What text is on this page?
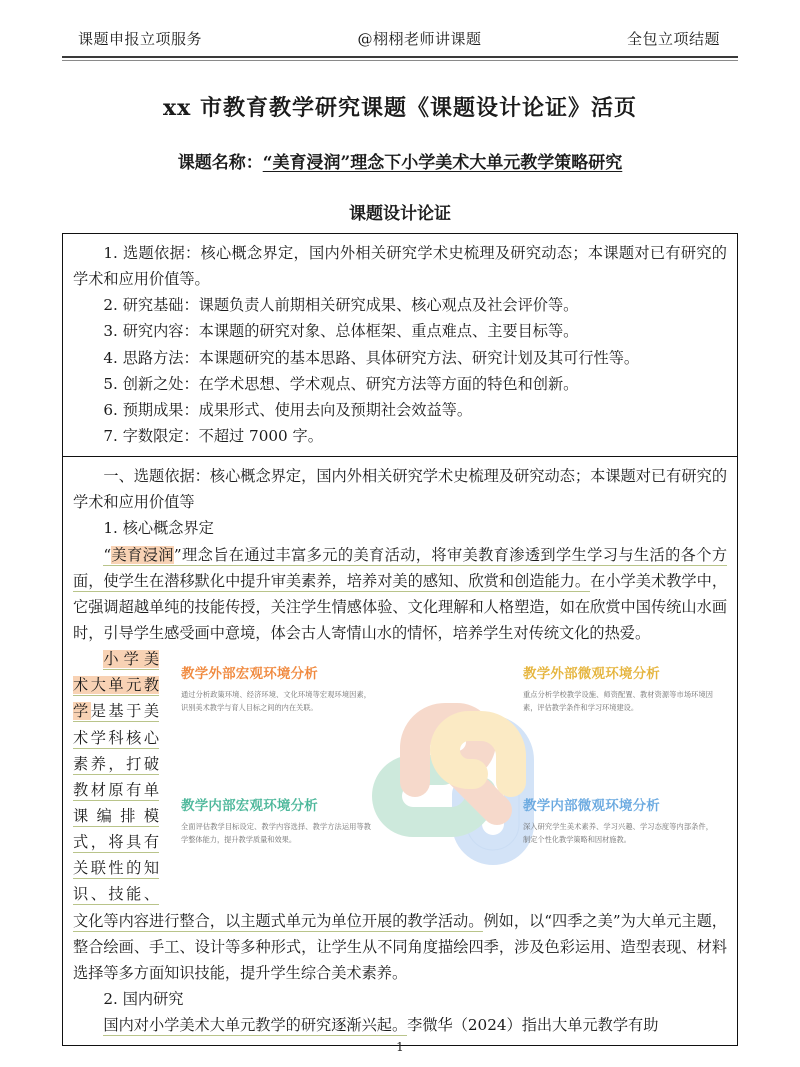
课题申报立项服务	@栩栩老师讲课题	全包立项结题
xx 市教育教学研究课题《课题设计论证》活页
课题名称：“美育浸润”理念下小学美术大单元教学策略研究
课题设计论证

1. 选题依据：核心概念界定，国内外相关研究学术史梳理及研究动态；本课题对已有研究的学术和应用价值等。

2. 研究基础：课题负责人前期相关研究成果、核心观点及社会评价等。

3. 研究内容：本课题的研究对象、总体框架、重点难点、主要目标等。

4. 思路方法：本课题研究的基本思路、具体研究方法、研究计划及其可行性等。

5. 创新之处：在学术思想、学术观点、研究方法等方面的特色和创新。

6. 预期成果：成果形式、使用去向及预期社会效益等。

7. 字数限定：不超过 7000 字。

一、选题依据：核心概念界定，国内外相关研究学术史梳理及研究动态；本课题对已有研究的学术和应用价值等

1. 核心概念界定

“美育浸润”理念旨在通过丰富多元的美育活动，将审美教育渗透到学生学习与生活的各个方面，使学生在潜移默化中提升审美素养，培养对美的感知、欣赏和创造能力。在小学美术教学中，它强调超越单纯的技能传授，关注学生情感体验、文化理解和人格塑造，如在欣赏中国传统山水画时，引导学生感受画中意境，体会古人寄情山水的情怀，培养学生对传统文化的热爱。

教学外部宏观环境分析
通过分析政策环境、经济环境、文化环境等宏观环境因素，识别美术教学与育人目标之间的内在关联。
教学外部微观环境分析
重点分析学校教学设施、师资配置、教材资源等市场环境因素，评估教学条件和学习环境建设。
教学内部宏观环境分析
全面评估教学目标设定、教学内容选择、教学方法运用等教学整体能力，提升教学质量和效果。
教学内部微观环境分析
深入研究学生美术素养、学习兴趣、学习态度等内部条件，制定个性化教学策略和因材施教。

小学美术大单元教学是基于美术学科核心素养，打破教材原有单课编排模式，将具有关联性的知识、技能、文化等内容进行整合，以主题式单元为单位开展的教学活动。例如，以“四季之美”为大单元主题，整合绘画、手工、设计等多种形式，让学生从不同角度描绘四季，涉及色彩运用、造型表现、材料选择等多方面知识技能，提升学生综合美术素养。

2. 国内研究

国内对小学美术大单元教学的研究逐渐兴起。李微华（2024）指出大单元教学有助

1
